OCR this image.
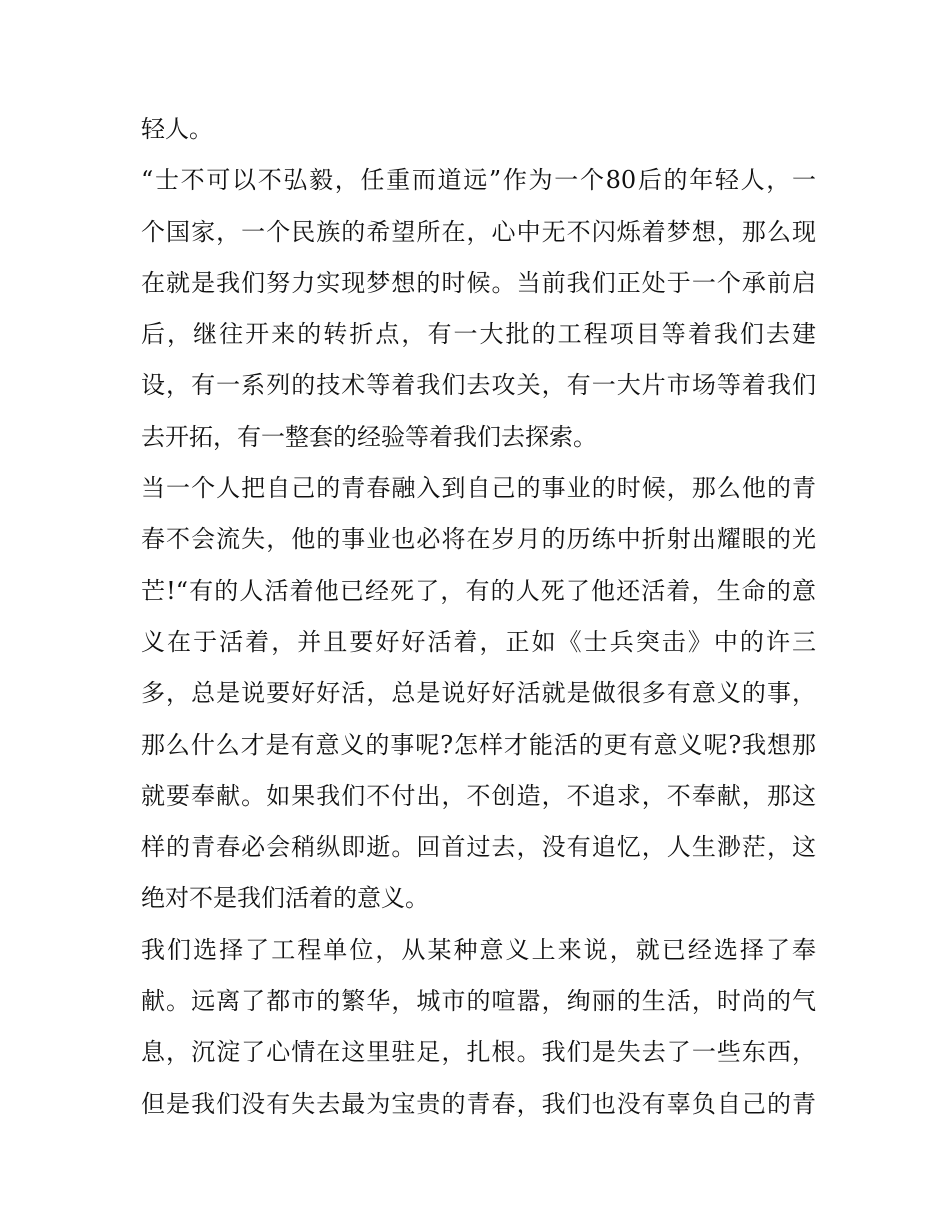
轻人。
“士不可以不弘毅，任重而道远”作为一个80后的年轻人，一
个国家，一个民族的希望所在，心中无不闪烁着梦想，那么现
在就是我们努力实现梦想的时候。当前我们正处于一个承前启
后，继往开来的转折点，有一大批的工程项目等着我们去建
设，有一系列的技术等着我们去攻关，有一大片市场等着我们
去开拓，有一整套的经验等着我们去探索。
当一个人把自己的青春融入到自己的事业的时候，那么他的青
春不会流失，他的事业也必将在岁月的历练中折射出耀眼的光
芒!“有的人活着他已经死了，有的人死了他还活着，生命的意
义在于活着，并且要好好活着，正如《士兵突击》中的许三
多，总是说要好好活，总是说好好活就是做很多有意义的事，
那么什么才是有意义的事呢?怎样才能活的更有意义呢?我想那
就要奉献。如果我们不付出，不创造，不追求，不奉献，那这
样的青春必会稍纵即逝。回首过去，没有追忆，人生渺茫，这
绝对不是我们活着的意义。
我们选择了工程单位，从某种意义上来说，就已经选择了奉
献。远离了都市的繁华，城市的喧嚣，绚丽的生活，时尚的气
息，沉淀了心情在这里驻足，扎根。我们是失去了一些东西，
但是我们没有失去最为宝贵的青春，我们也没有辜负自己的青
